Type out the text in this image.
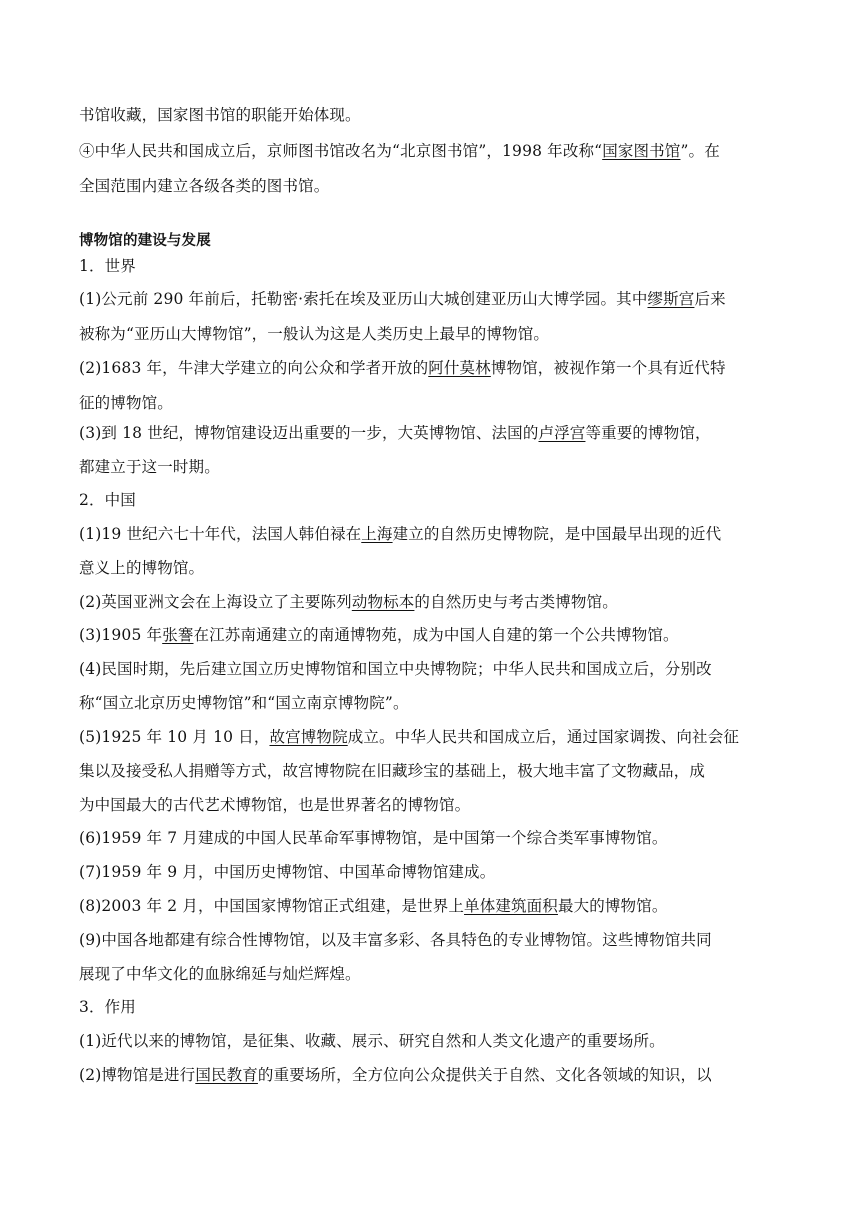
书馆收藏，国家图书馆的职能开始体现。

④中华人民共和国成立后，京师图书馆改名为“北京图书馆”，1998 年改称“国家图书馆”。在

全国范围内建立各级各类的图书馆。

博物馆的建设与发展

1．世界

(1)公元前 290 年前后，托勒密·索托在埃及亚历山大城创建亚历山大博学园。其中缪斯宫后来

被称为“亚历山大博物馆”，一般认为这是人类历史上最早的博物馆。

(2)1683 年，牛津大学建立的向公众和学者开放的阿什莫林博物馆，被视作第一个具有近代特

征的博物馆。

(3)到 18 世纪，博物馆建设迈出重要的一步，大英博物馆、法国的卢浮宫等重要的博物馆，

都建立于这一时期。

2．中国

(1)19 世纪六七十年代，法国人韩伯禄在上海建立的自然历史博物院，是中国最早出现的近代

意义上的博物馆。

(2)英国亚洲文会在上海设立了主要陈列动物标本的自然历史与考古类博物馆。

(3)1905 年张謇在江苏南通建立的南通博物苑，成为中国人自建的第一个公共博物馆。

(4)民国时期，先后建立国立历史博物馆和国立中央博物院；中华人民共和国成立后，分别改

称“国立北京历史博物馆”和“国立南京博物院”。

(5)1925 年 10 月 10 日，故宫博物院成立。中华人民共和国成立后，通过国家调拨、向社会征

集以及接受私人捐赠等方式，故宫博物院在旧藏珍宝的基础上，极大地丰富了文物藏品，成

为中国最大的古代艺术博物馆，也是世界著名的博物馆。

(6)1959 年 7 月建成的中国人民革命军事博物馆，是中国第一个综合类军事博物馆。

(7)1959 年 9 月，中国历史博物馆、中国革命博物馆建成。

(8)2003 年 2 月，中国国家博物馆正式组建，是世界上单体建筑面积最大的博物馆。

(9)中国各地都建有综合性博物馆，以及丰富多彩、各具特色的专业博物馆。这些博物馆共同

展现了中华文化的血脉绵延与灿烂辉煌。

3．作用

(1)近代以来的博物馆，是征集、收藏、展示、研究自然和人类文化遗产的重要场所。

(2)博物馆是进行国民教育的重要场所，全方位向公众提供关于自然、文化各领域的知识，以
